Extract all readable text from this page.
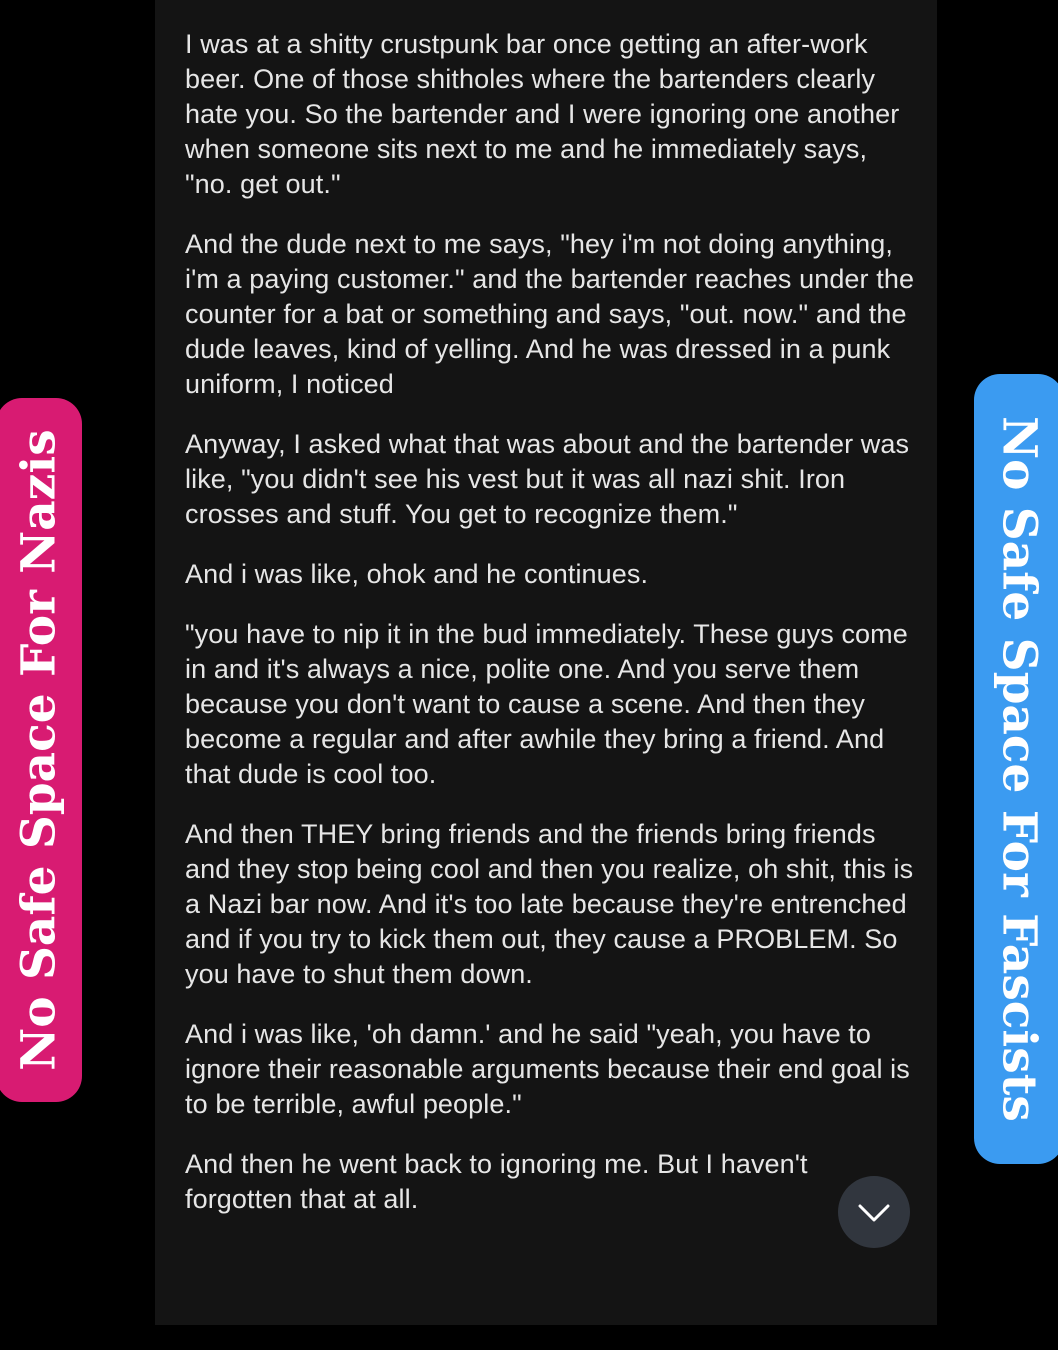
I was at a shitty crustpunk bar once getting an after-work beer. One of those shitholes where the bartenders clearly hate you. So the bartender and I were ignoring one another when someone sits next to me and he immediately says, "no. get out."

And the dude next to me says, "hey i'm not doing anything, i'm a paying customer." and the bartender reaches under the counter for a bat or something and says, "out. now." and the dude leaves, kind of yelling. And he was dressed in a punk uniform, I noticed

Anyway, I asked what that was about and the bartender was like, "you didn't see his vest but it was all nazi shit. Iron crosses and stuff. You get to recognize them."

And i was like, ohok and he continues.

"you have to nip it in the bud immediately. These guys come in and it's always a nice, polite one. And you serve them because you don't want to cause a scene. And then they become a regular and after awhile they bring a friend. And that dude is cool too.

And then THEY bring friends and the friends bring friends and they stop being cool and then you realize, oh shit, this is a Nazi bar now. And it's too late because they're entrenched and if you try to kick them out, they cause a PROBLEM. So you have to shut them down.

And i was like, 'oh damn.' and he said "yeah, you have to ignore their reasonable arguments because their end goal is to be terrible, awful people."

And then he went back to ignoring me. But I haven't forgotten that at all.

No Safe Space For Nazis	No Safe Space For Fascists
